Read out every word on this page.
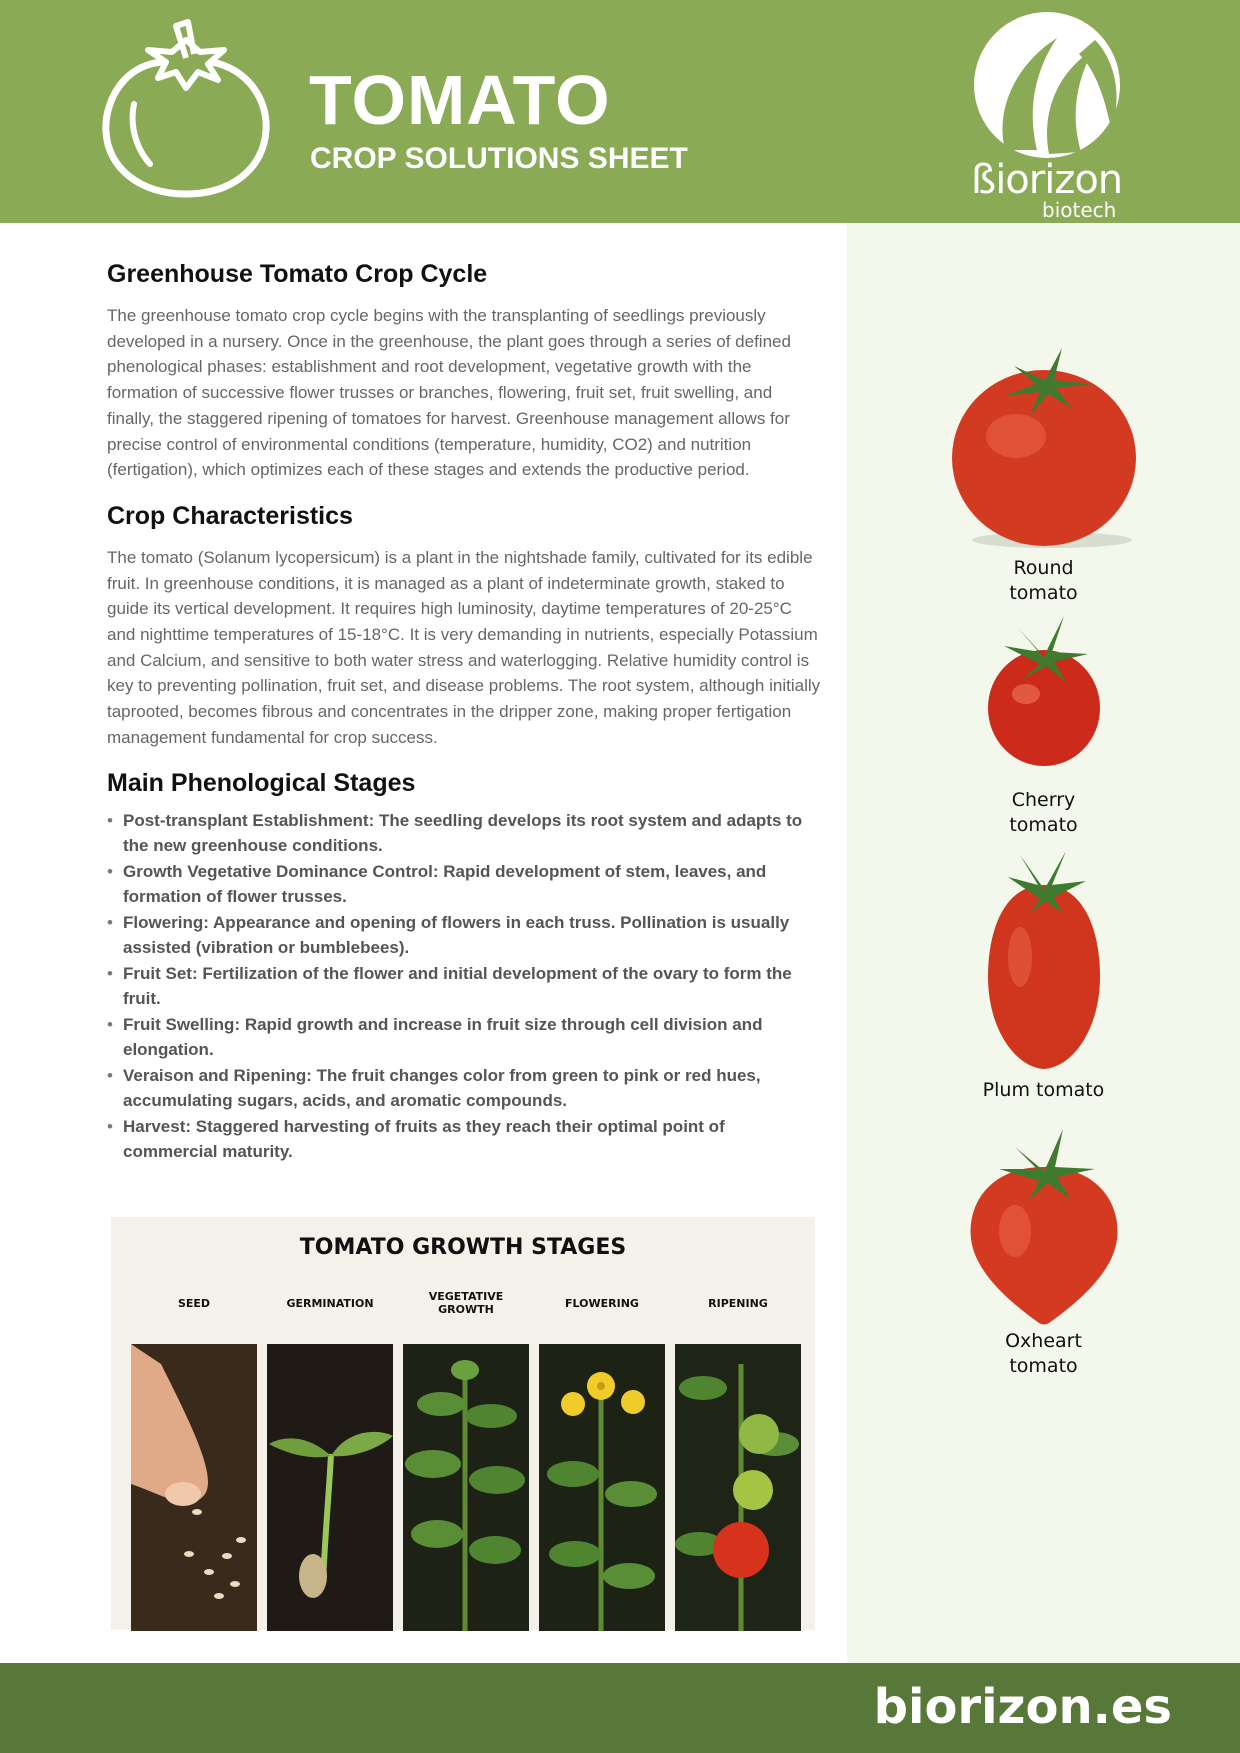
TOMATO
CROP SOLUTIONS SHEET	ßiorizon
biotech
Round tomato
Cherry tomato
Plum tomato
Oxheart tomato
Greenhouse Tomato Crop Cycle

The greenhouse tomato crop cycle begins with the transplanting of seedlings previously developed in a nursery. Once in the greenhouse, the plant goes through a series of defined phenological phases: establishment and root development, vegetative growth with the formation of successive flower trusses or branches, flowering, fruit set, fruit swelling, and finally, the staggered ripening of tomatoes for harvest. Greenhouse management allows for precise control of environmental conditions (temperature, humidity, CO2) and nutrition (fertigation), which optimizes each of these stages and extends the productive period.

Crop Characteristics

The tomato (Solanum lycopersicum) is a plant in the nightshade family, cultivated for its edible fruit. In greenhouse conditions, it is managed as a plant of indeterminate growth, staked to guide its vertical development. It requires high luminosity, daytime temperatures of 20-25°C and nighttime temperatures of 15-18°C. It is very demanding in nutrients, especially Potassium and Calcium, and sensitive to both water stress and waterlogging. Relative humidity control is key to preventing pollination, fruit set, and disease problems. The root system, although initially taprooted, becomes fibrous and concentrates in the dripper zone, making proper fertigation management fundamental for crop success.

Main Phenological Stages
• Post-transplant Establishment: The seedling develops its root system and adapts to the new greenhouse conditions.
• Growth Vegetative Dominance Control: Rapid development of stem, leaves, and formation of flower trusses.
• Flowering: Appearance and opening of flowers in each truss. Pollination is usually assisted (vibration or bumblebees).
• Fruit Set: Fertilization of the flower and initial development of the ovary to form the fruit.
• Fruit Swelling: Rapid growth and increase in fruit size through cell division and elongation.
• Veraison and Ripening: The fruit changes color from green to pink or red hues, accumulating sugars, acids, and aromatic compounds.
• Harvest: Staggered harvesting of fruits as they reach their optimal point of commercial maturity.
TOMATO GROWTH STAGES
SEED	GERMINATION	VEGETATIVE GROWTH	FLOWERING	RIPENING
biorizon.es
